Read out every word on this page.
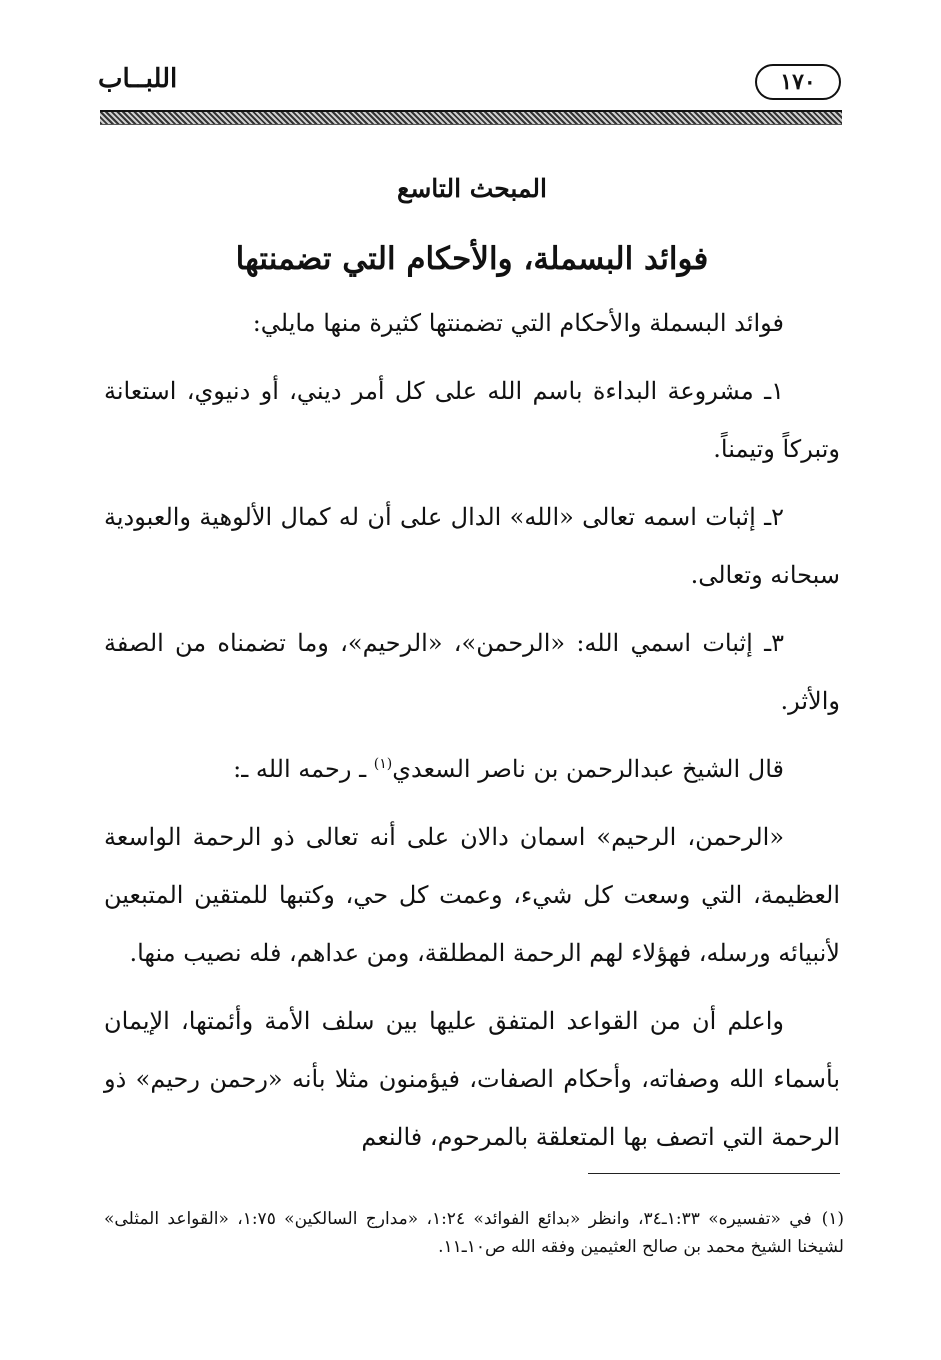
١٧٠
اللبــاب
المبحث التاسع
فوائد البسملة، والأحكام التي تضمنتها

فوائد البسملة والأحكام التي تضمنتها كثيرة منها مايلي:

١ـ مشروعة البداءة باسم الله على كل أمر ديني، أو دنيوي، استعانة وتبركاً وتيمناً.

٢ـ إثبات اسمه تعالى «الله» الدال على أن له كمال الألوهية والعبودية سبحانه وتعالى.

٣ـ إثبات اسمي الله: «الرحمن»، «الرحيم»، وما تضمناه من الصفة والأثر.

قال الشيخ عبدالرحمن بن ناصر السعدي$^{(١)}$ ـ رحمه الله ـ:

«الرحمن، الرحيم» اسمان دالان على أنه تعالى ذو الرحمة الواسعة العظيمة، التي وسعت كل شيء، وعمت كل حي، وكتبها للمتقين المتبعين لأنبيائه ورسله، فهؤلاء لهم الرحمة المطلقة، ومن عداهم، فله نصيب منها.

واعلم أن من القواعد المتفق عليها بين سلف الأمة وأئمتها، الإيمان بأسماء الله وصفاته، وأحكام الصفات، فيؤمنون مثلا بأنه «رحمن رحيم» ذو الرحمة التي اتصف بها المتعلقة بالمرحوم، فالنعم

(١)في «تفسيره» ١:٣٣ـ٣٤، وانظر «بدائع الفوائد» ١:٢٤، «مدارج السالكين» ١:٧٥، «القواعد المثلى» لشيخنا الشيخ محمد بن صالح العثيمين وفقه الله ص١٠ـ١١.
